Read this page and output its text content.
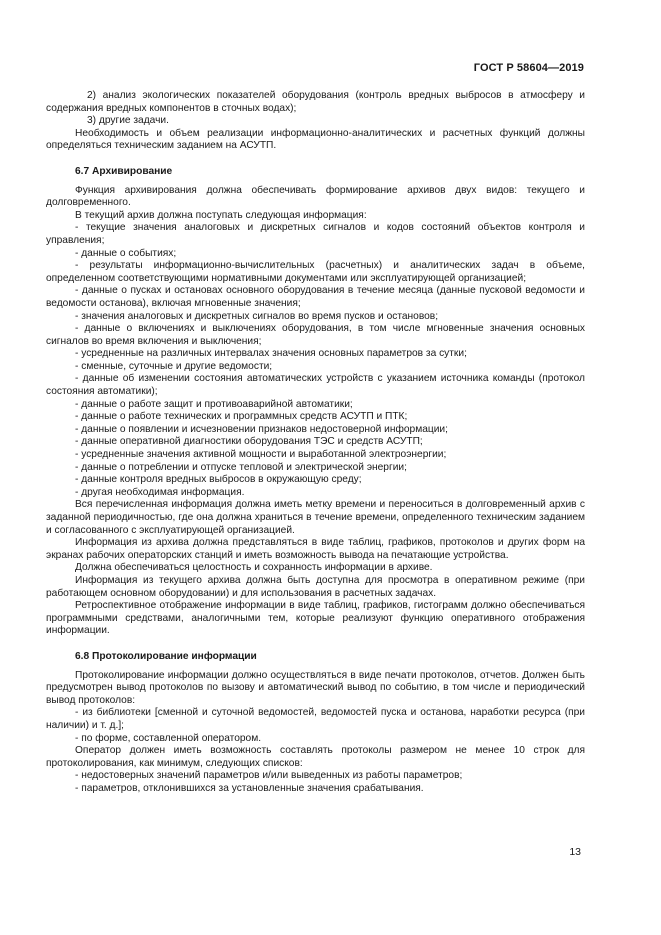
ГОСТ Р 58604—2019

2) анализ экологических показателей оборудования (контроль вредных выбросов в атмосферу и содержания вредных компонентов в сточных водах);

3) другие задачи.

Необходимость и объем реализации информационно-аналитических и расчетных функций должны определяться техническим заданием на АСУТП.

6.7 Архивирование

Функция архивирования должна обеспечивать формирование архивов двух видов: текущего и долговременного.

В текущий архив должна поступать следующая информация:

- текущие значения аналоговых и дискретных сигналов и кодов состояний объектов контроля и управления;

- данные о событиях;

- результаты информационно-вычислительных (расчетных) и аналитических задач в объеме, определенном соответствующими нормативными документами или эксплуатирующей организацией;

- данные о пусках и остановах основного оборудования в течение месяца (данные пусковой ведомости и ведомости останова), включая мгновенные значения;

- значения аналоговых и дискретных сигналов во время пусков и остановов;

- данные о включениях и выключениях оборудования, в том числе мгновенные значения основных сигналов во время включения и выключения;

- усредненные на различных интервалах значения основных параметров за сутки;

- сменные, суточные и другие ведомости;

- данные об изменении состояния автоматических устройств с указанием источника команды (протокол состояния автоматики);

- данные о работе защит и противоаварийной автоматики;

- данные о работе технических и программных средств АСУТП и ПТК;

- данные о появлении и исчезновении признаков недостоверной информации;

- данные оперативной диагностики оборудования ТЭС и средств АСУТП;

- усредненные значения активной мощности и выработанной электроэнергии;

- данные о потреблении и отпуске тепловой и электрической энергии;

- данные контроля вредных выбросов в окружающую среду;

- другая необходимая информация.

Вся перечисленная информация должна иметь метку времени и переноситься в долговременный архив с заданной периодичностью, где она должна храниться в течение времени, определенного техническим заданием и согласованного с эксплуатирующей организацией.

Информация из архива должна представляться в виде таблиц, графиков, протоколов и других форм на экранах рабочих операторских станций и иметь возможность вывода на печатающие устройства.

Должна обеспечиваться целостность и сохранность информации в архиве.

Информация из текущего архива должна быть доступна для просмотра в оперативном режиме (при работающем основном оборудовании) и для использования в расчетных задачах.

Ретроспективное отображение информации в виде таблиц, графиков, гистограмм должно обеспечиваться программными средствами, аналогичными тем, которые реализуют функцию оперативного отображения информации.

6.8 Протоколирование информации

Протоколирование информации должно осуществляться в виде печати протоколов, отчетов. Должен быть предусмотрен вывод протоколов по вызову и автоматический вывод по событию, в том числе и периодический вывод протоколов:

- из библиотеки [сменной и суточной ведомостей, ведомостей пуска и останова, наработки ресурса (при наличии) и т. д.];

- по форме, составленной оператором.

Оператор должен иметь возможность составлять протоколы размером не менее 10 строк для протоколирования, как минимум, следующих списков:

- недостоверных значений параметров и/или выведенных из работы параметров;

- параметров, отклонившихся за установленные значения срабатывания.

13
